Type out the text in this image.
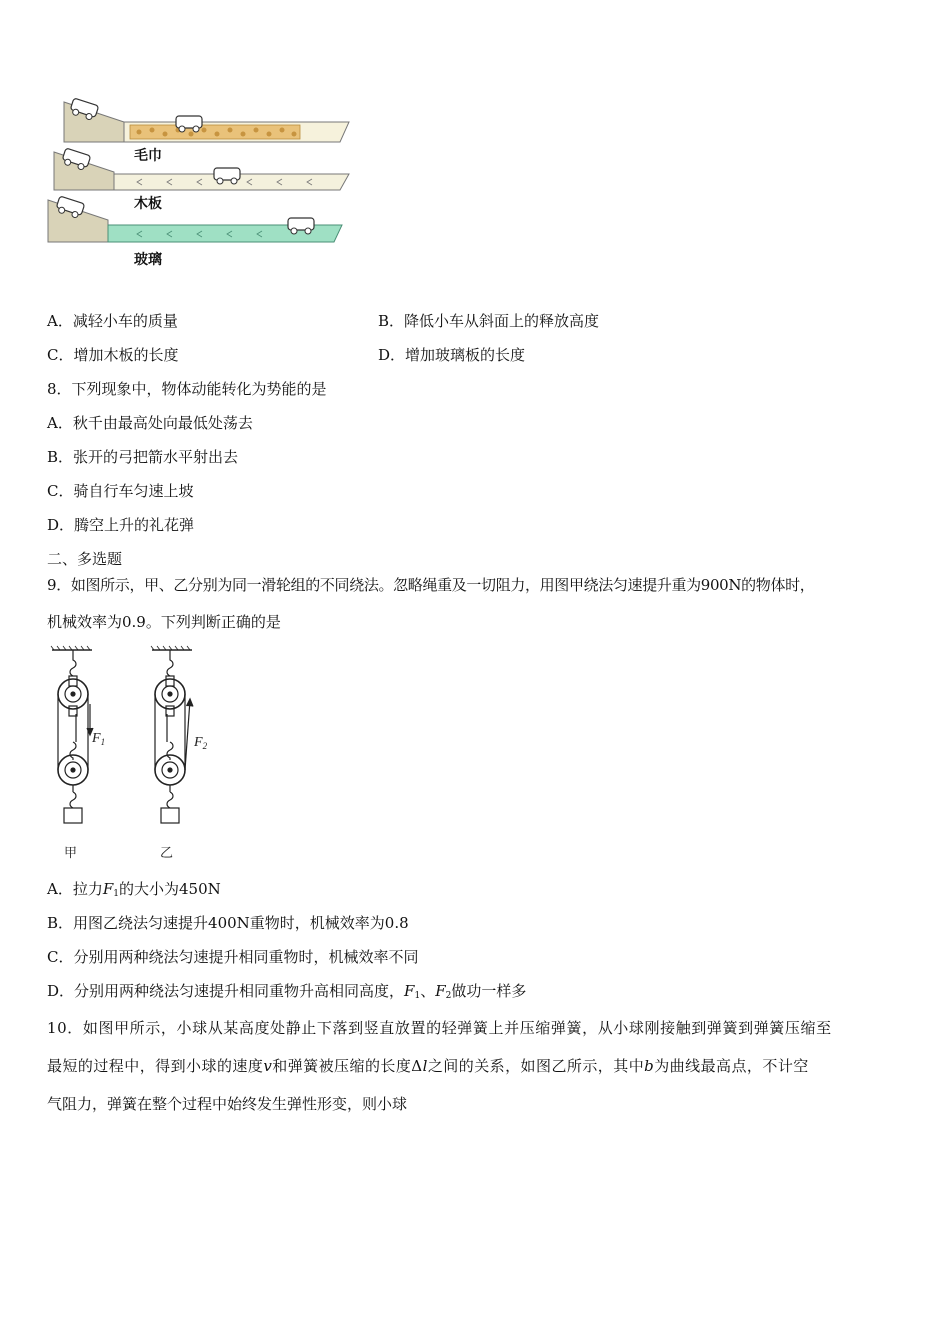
毛巾
木板
玻璃
A．减轻小车的质量	B．降低小车从斜面上的释放高度
C．增加木板的长度	D．增加玻璃板的长度
8．下列现象中，物体动能转化为势能的是
A．秋千由最高处向最低处荡去
B．张开的弓把箭水平射出去
C．骑自行车匀速上坡
D．腾空上升的礼花弹
二、多选题
9．如图所示，甲、乙分别为同一滑轮组的不同绕法。忽略绳重及一切阻力，用图甲绕法匀速提升重为900N的物体时，
机械效率为0.9。下列判断正确的是
$F_1$
甲
$F_2$
乙
A．拉力$F_1$的大小为450N
B．用图乙绕法匀速提升400N重物时，机械效率为0.8
C．分别用两种绕法匀速提升相同重物时，机械效率不同
D．分别用两种绕法匀速提升相同重物升高相同高度，$F_1$、$F_2$做功一样多
10．如图甲所示，小球从某高度处静止下落到竖直放置的轻弹簧上并压缩弹簧，从小球刚接触到弹簧到弹簧压缩至
最短的过程中，得到小球的速度v和弹簧被压缩的长度Δl之间的关系，如图乙所示，其中b为曲线最高点，不计空
气阻力，弹簧在整个过程中始终发生弹性形变，则小球
